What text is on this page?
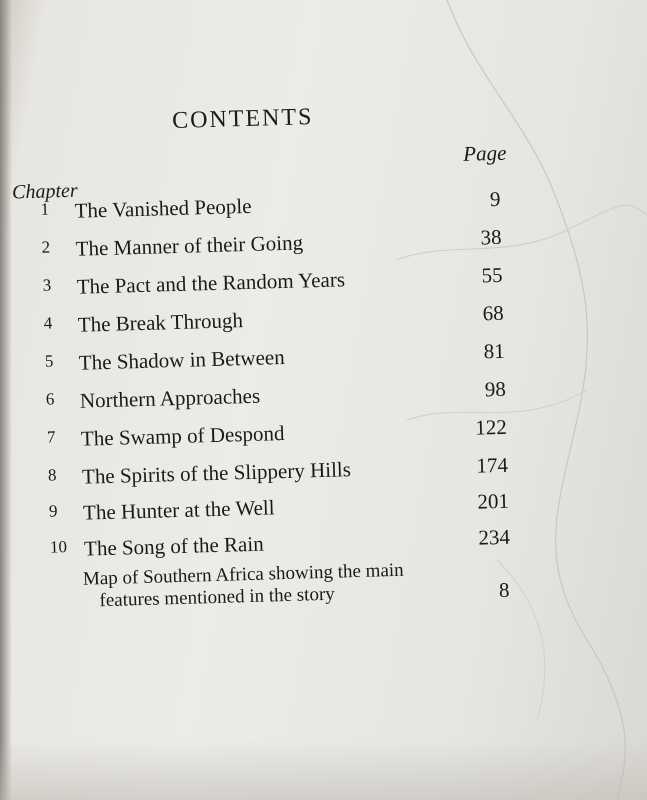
CONTENTS
Page
Chapter
1	The Vanished People	9
2	The Manner of their Going	38
3	The Pact and the Random Years	55
4	The Break Through	68
5	The Shadow in Between	81
6	Northern Approaches	98
7	The Swamp of Despond	122
8	The Spirits of the Slippery Hills	174
9	The Hunter at the Well	201
10 The Song of the Rain	234
Map of Southern Africa showing the main
features mentioned in the story	8
